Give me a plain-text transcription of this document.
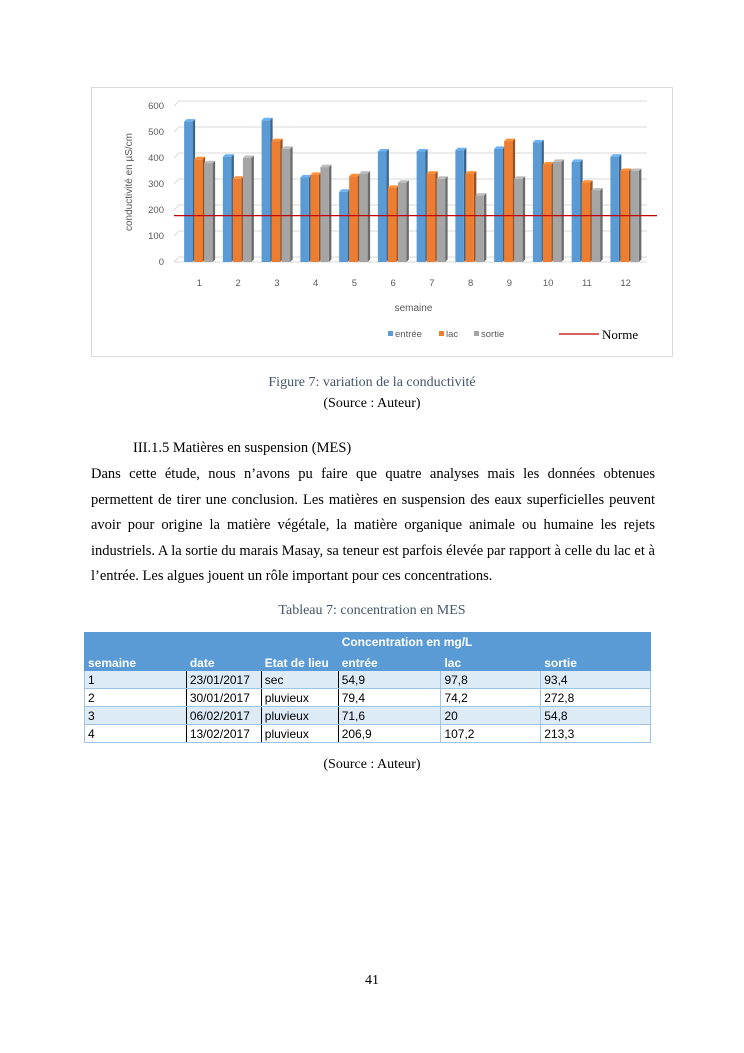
0
100
200
300
400
500
600
conductivité en µS/cm
1	2	3	4	5	6	7	8	9	10	11	12
semaine
entrée	lac sortie	Norme
Figure 7: variation de la conductivité
(Source : Auteur)
III.1.5 Matières en suspension (MES)
Dans cette étude, nous n’avons pu faire que quatre analyses mais les données obtenues permettent de tirer une conclusion. Les matières en suspension des eaux superficielles peuvent avoir pour origine la matière végétale, la matière organique animale ou humaine les rejets industriels. A la sortie du marais Masay, sa teneur est parfois élevée par rapport à celle du lac et à l’entrée. Les algues jouent un rôle important pour ces concentrations.
Tableau 7: concentration en MES
			Concentration en mg/L		
semaine	date	Etat de lieu	entrée	lac	sortie
1	23/01/2017	sec	54,9	97,8	93,4
2	30/01/2017	pluvieux	79,4	74,2	272,8
3	06/02/2017	pluvieux	71,6	20	54,8
4	13/02/2017	pluvieux	206,9	107,2	213,3
(Source : Auteur)
41
